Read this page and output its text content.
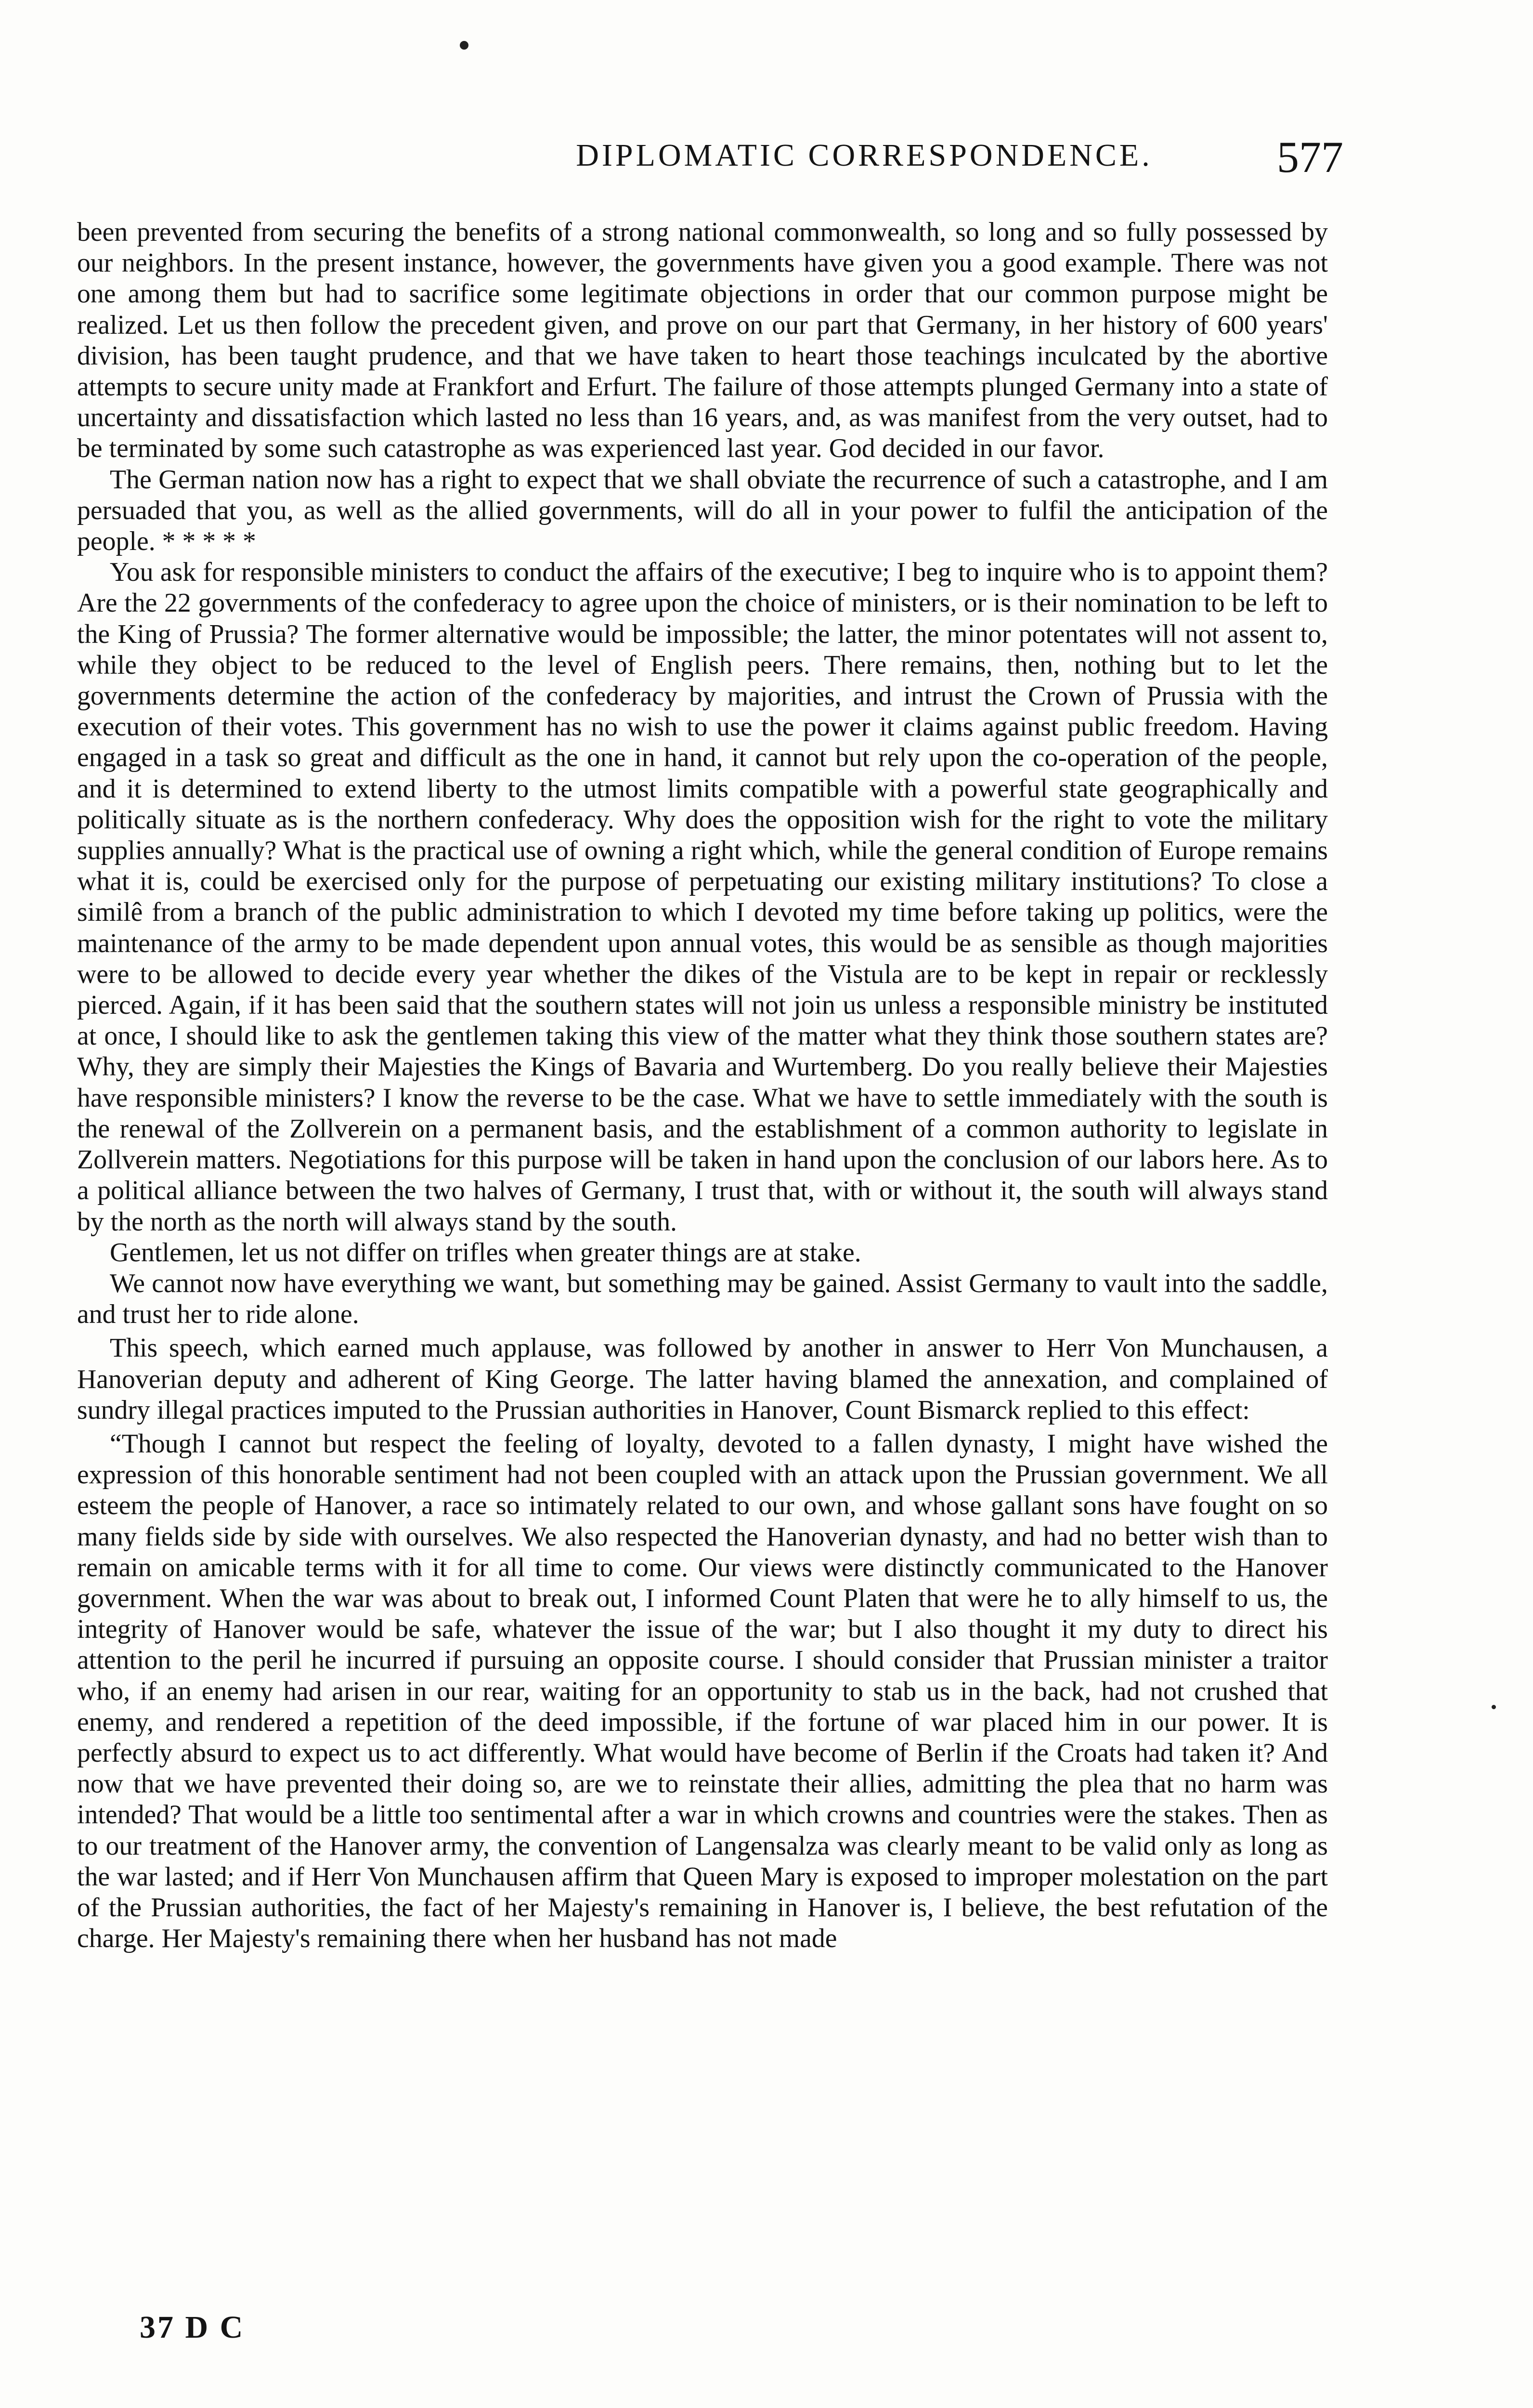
DIPLOMATIC CORRESPONDENCE.	577

been prevented from securing the benefits of a strong national commonwealth, so long and so fully possessed by our neighbors. In the present instance, however, the governments have given you a good example. There was not one among them but had to sacrifice some legitimate objections in order that our common purpose might be realized. Let us then follow the precedent given, and prove on our part that Germany, in her history of 600 years' division, has been taught prudence, and that we have taken to heart those teachings inculcated by the abortive attempts to secure unity made at Frankfort and Erfurt. The failure of those attempts plunged Germany into a state of uncertainty and dissatisfaction which lasted no less than 16 years, and, as was manifest from the very outset, had to be terminated by some such catastrophe as was experienced last year. God decided in our favor.

The German nation now has a right to expect that we shall obviate the recurrence of such a catastrophe, and I am persuaded that you, as well as the allied governments, will do all in your power to fulfil the anticipation of the people. * * * * *

You ask for responsible ministers to conduct the affairs of the executive; I beg to inquire who is to appoint them? Are the 22 governments of the confederacy to agree upon the choice of ministers, or is their nomination to be left to the King of Prussia? The former alternative would be impossible; the latter, the minor potentates will not assent to, while they object to be reduced to the level of English peers. There remains, then, nothing but to let the governments determine the action of the confederacy by majorities, and intrust the Crown of Prussia with the execution of their votes. This government has no wish to use the power it claims against public freedom. Having engaged in a task so great and difficult as the one in hand, it cannot but rely upon the co-operation of the people, and it is determined to extend liberty to the utmost limits compatible with a powerful state geographically and politically situate as is the northern confederacy. Why does the opposition wish for the right to vote the military supplies annually? What is the practical use of owning a right which, while the general condition of Europe remains what it is, could be exercised only for the purpose of perpetuating our existing military institutions? To close a similê from a branch of the public administration to which I devoted my time before taking up politics, were the maintenance of the army to be made dependent upon annual votes, this would be as sensible as though majorities were to be allowed to decide every year whether the dikes of the Vistula are to be kept in repair or recklessly pierced. Again, if it has been said that the southern states will not join us unless a responsible ministry be instituted at once, I should like to ask the gentlemen taking this view of the matter what they think those southern states are? Why, they are simply their Majesties the Kings of Bavaria and Wurtemberg. Do you really believe their Majesties have responsible ministers? I know the reverse to be the case. What we have to settle immediately with the south is the renewal of the Zollverein on a permanent basis, and the establishment of a common authority to legislate in Zollverein matters. Negotiations for this purpose will be taken in hand upon the conclusion of our labors here. As to a political alliance between the two halves of Germany, I trust that, with or without it, the south will always stand by the north as the north will always stand by the south.

Gentlemen, let us not differ on trifles when greater things are at stake.

We cannot now have everything we want, but something may be gained. Assist Germany to vault into the saddle, and trust her to ride alone.

This speech, which earned much applause, was followed by another in answer to Herr Von Munchausen, a Hanoverian deputy and adherent of King George. The latter having blamed the annexation, and complained of sundry illegal practices imputed to the Prussian authorities in Hanover, Count Bismarck replied to this effect:

“Though I cannot but respect the feeling of loyalty, devoted to a fallen dynasty, I might have wished the expression of this honorable sentiment had not been coupled with an attack upon the Prussian government. We all esteem the people of Hanover, a race so intimately related to our own, and whose gallant sons have fought on so many fields side by side with ourselves. We also respected the Hanoverian dynasty, and had no better wish than to remain on amicable terms with it for all time to come. Our views were distinctly communicated to the Hanover government. When the war was about to break out, I informed Count Platen that were he to ally himself to us, the integrity of Hanover would be safe, whatever the issue of the war; but I also thought it my duty to direct his attention to the peril he incurred if pursuing an opposite course. I should consider that Prussian minister a traitor who, if an enemy had arisen in our rear, waiting for an opportunity to stab us in the back, had not crushed that enemy, and rendered a repetition of the deed impossible, if the fortune of war placed him in our power. It is perfectly absurd to expect us to act differently. What would have become of Berlin if the Croats had taken it? And now that we have prevented their doing so, are we to reinstate their allies, admitting the plea that no harm was intended? That would be a little too sentimental after a war in which crowns and countries were the stakes. Then as to our treatment of the Hanover army, the convention of Langensalza was clearly meant to be valid only as long as the war lasted; and if Herr Von Munchausen affirm that Queen Mary is exposed to improper molestation on the part of the Prussian authorities, the fact of her Majesty's remaining in Hanover is, I believe, the best refutation of the charge. Her Majesty's remaining there when her husband has not made

37 D C
